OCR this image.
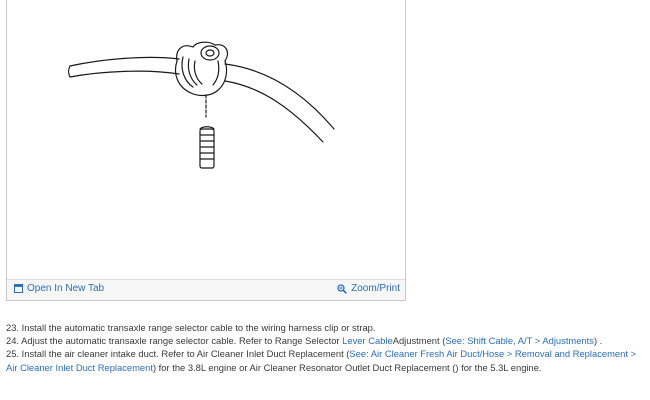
Open In New Tab	Zoom/Print

23. Install the automatic transaxle range selector cable to the wiring harness clip or strap.

24. Adjust the automatic transaxle range selector cable. Refer to Range Selector Lever CableAdjustment (See: Shift Cable, A/T > Adjustments) .

25. Install the air cleaner intake duct. Refer to Air Cleaner Inlet Duct Replacement (See: Air Cleaner Fresh Air Duct/Hose > Removal and Replacement > Air Cleaner Inlet Duct Replacement) for the 3.8L engine or Air Cleaner Resonator Outlet Duct Replacement () for the 5.3L engine.
